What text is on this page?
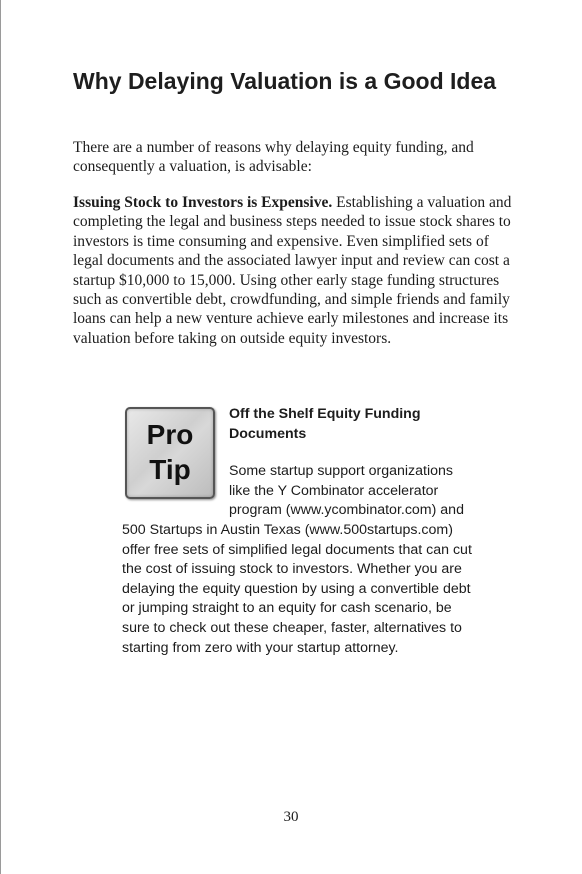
Why Delaying Valuation is a Good Idea

There are a number of reasons why delaying equity funding, and consequently a valuation, is advisable:

Issuing Stock to Investors is Expensive. Establishing a valuation and completing the legal and business steps needed to issue stock shares to investors is time consuming and expensive. Even simplified sets of legal documents and the associated lawyer input and review can cost a startup $10,000 to 15,000. Using other early stage funding structures such as convertible debt, crowdfunding, and simple friends and family loans can help a new venture achieve early milestones and increase its valuation before taking on outside equity investors.

Pro
Tip
Off the Shelf Equity Funding Documents
Some startup support organizations like the Y Combinator accelerator program (www.ycombinator.com) and 500 Startups in Austin Texas (www.500startups.com) offer free sets of simplified legal documents that can cut the cost of issuing stock to investors. Whether you are delaying the equity question by using a convertible debt or jumping straight to an equity for cash scenario, be sure to check out these cheaper, faster, alternatives to starting from zero with your startup attorney.
30
